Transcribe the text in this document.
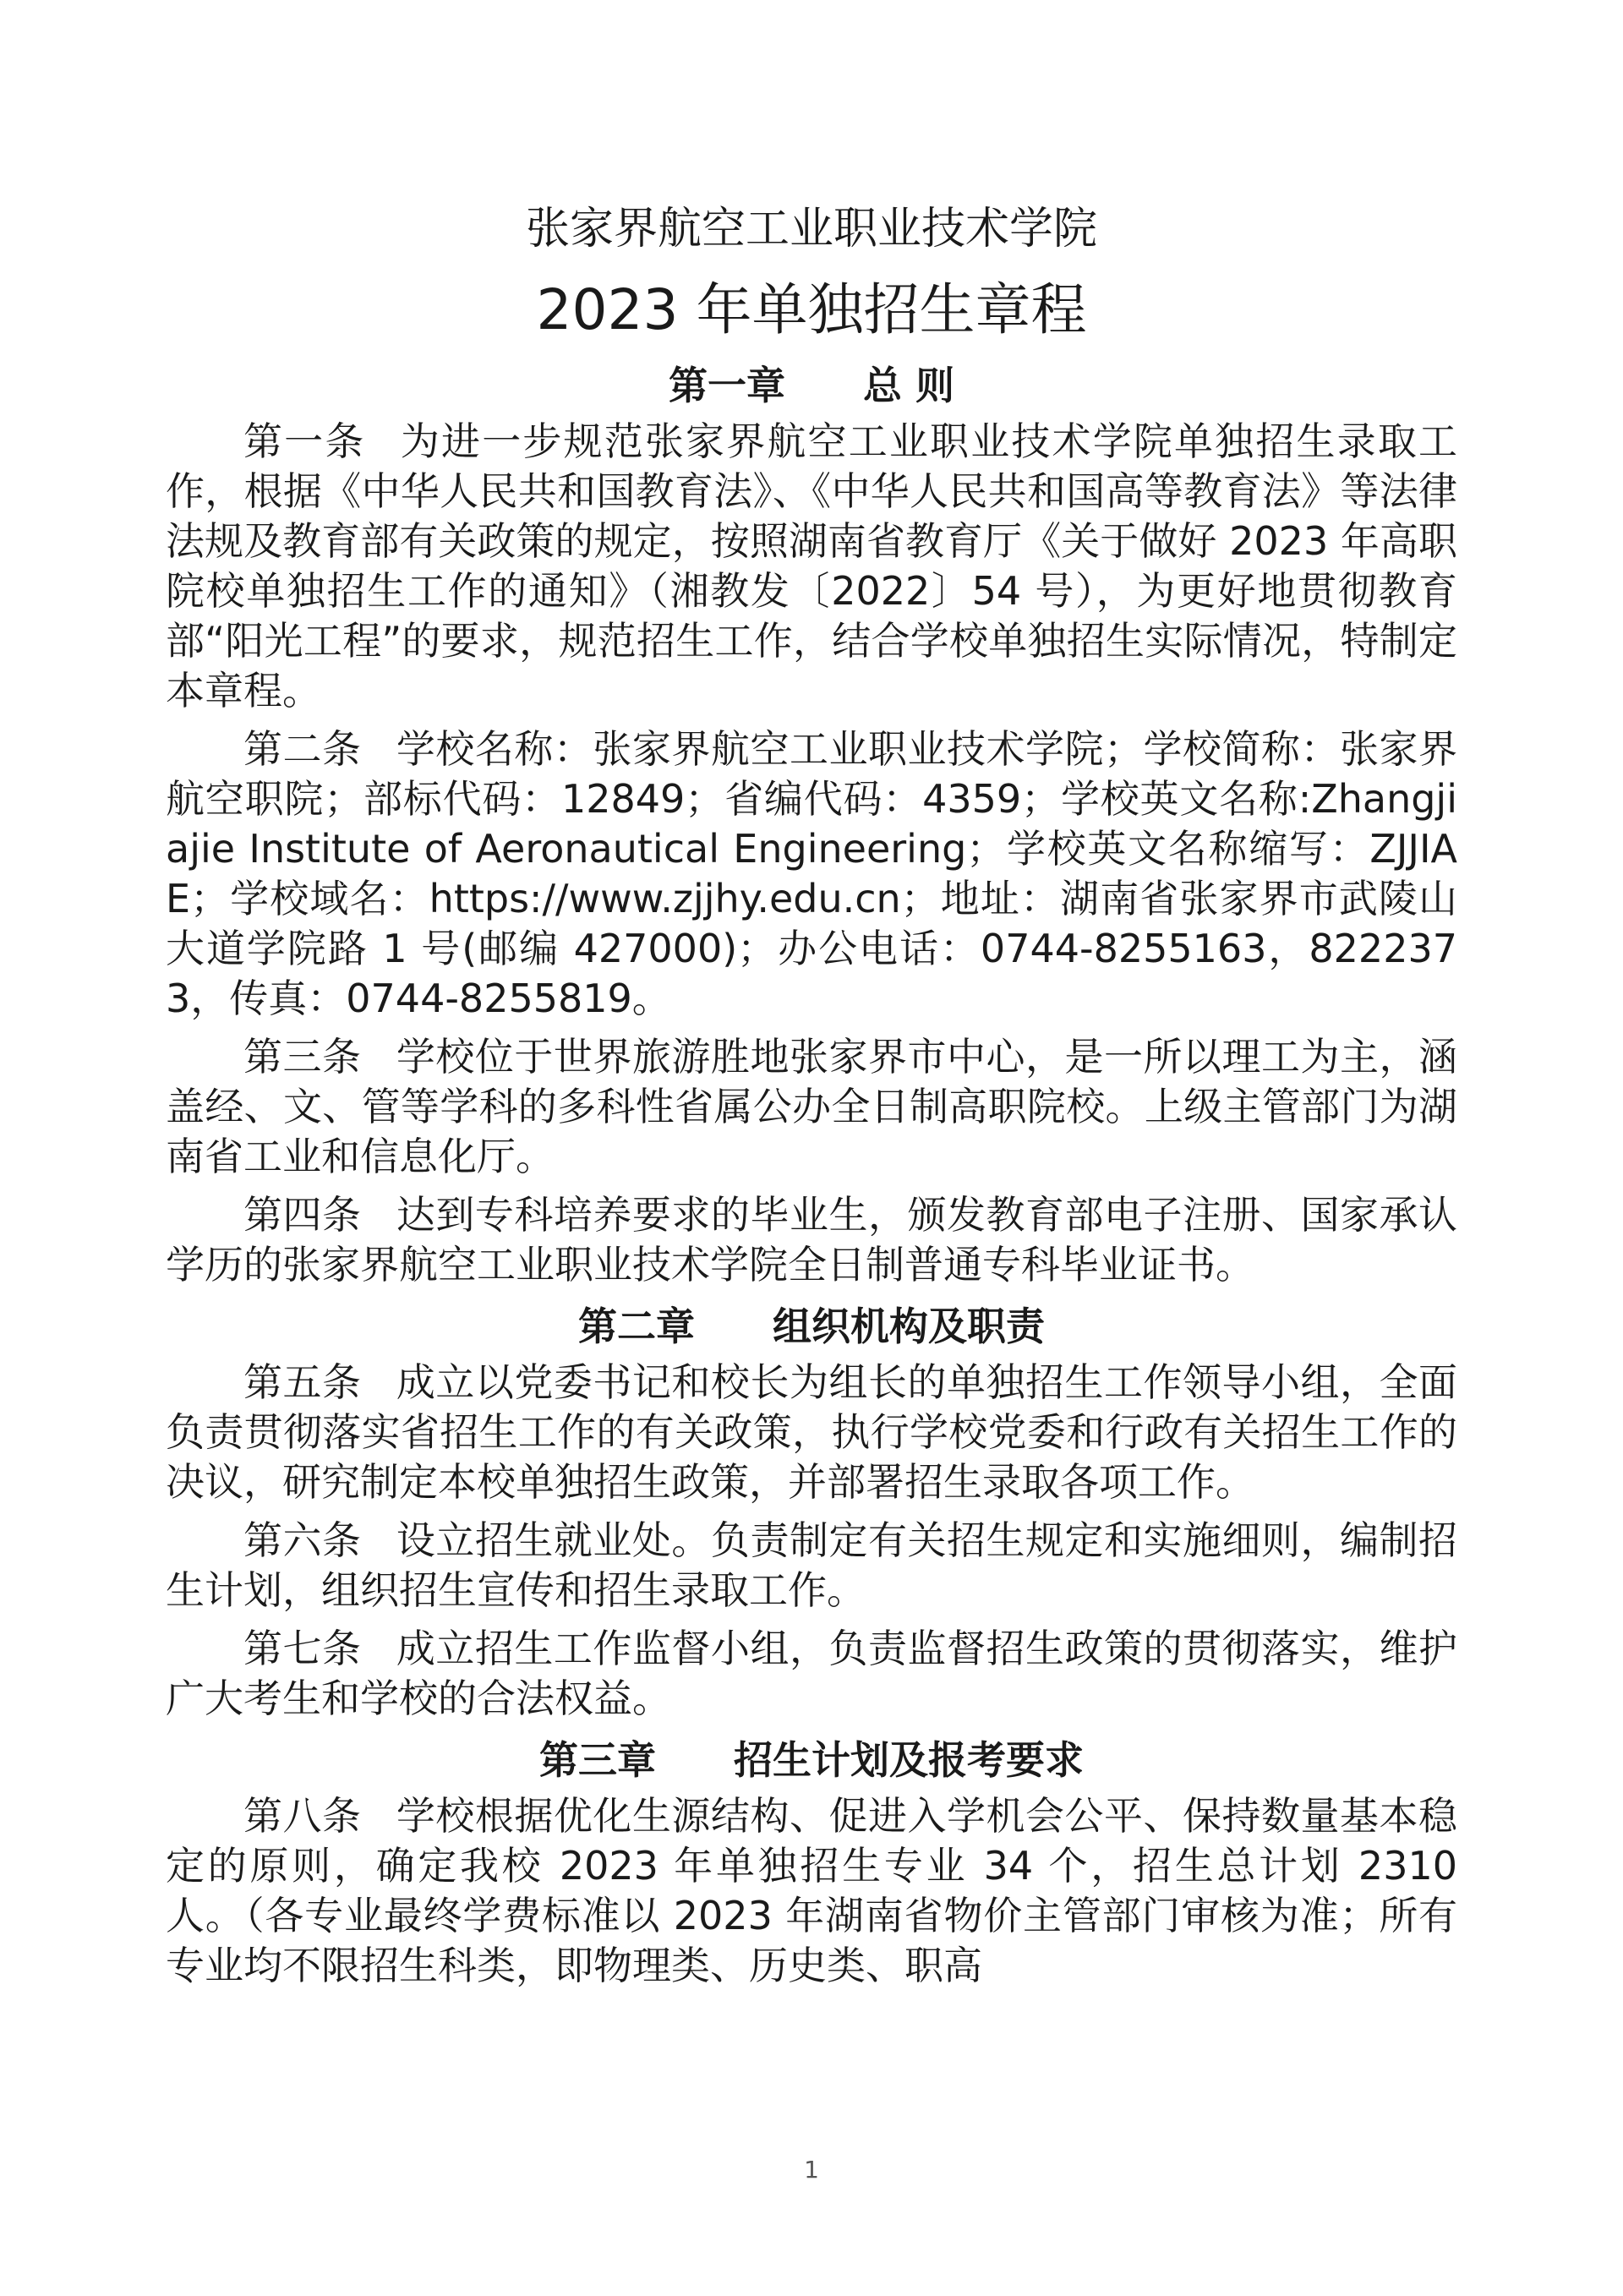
张家界航空工业职业技术学院
2023 年单独招生章程
第一章　　总 则

第一条 为进一步规范张家界航空工业职业技术学院单独招生录取工作，根据《中华人民共和国教育法》、《中华人民共和国高等教育法》等法律法规及教育部有关政策的规定，按照湖南省教育厅《关于做好 2023 年高职院校单独招生工作的通知》（湘教发〔2022〕54 号），为更好地贯彻教育部“阳光工程”的要求，规范招生工作，结合学校单独招生实际情况，特制定本章程。

第二条 学校名称：张家界航空工业职业技术学院；学校简称：张家界航空职院；部标代码：12849；省编代码：4359；学校英文名称:Zhangjiajie Institute of Aeronautical Engineering；学校英文名称缩写：ZJJIAE；学校域名：https://www.zjjhy.edu.cn；地址：湖南省张家界市武陵山大道学院路 1 号(邮编 427000)；办公电话：0744-8255163，8222373，传真：0744-8255819。

第三条 学校位于世界旅游胜地张家界市中心，是一所以理工为主，涵盖经、文、管等学科的多科性省属公办全日制高职院校。上级主管部门为湖南省工业和信息化厅。

第四条 达到专科培养要求的毕业生，颁发教育部电子注册、国家承认学历的张家界航空工业职业技术学院全日制普通专科毕业证书。

第二章　　组织机构及职责

第五条 成立以党委书记和校长为组长的单独招生工作领导小组，全面负责贯彻落实省招生工作的有关政策，执行学校党委和行政有关招生工作的决议，研究制定本校单独招生政策，并部署招生录取各项工作。

第六条 设立招生就业处。负责制定有关招生规定和实施细则，编制招生计划，组织招生宣传和招生录取工作。

第七条 成立招生工作监督小组，负责监督招生政策的贯彻落实，维护广大考生和学校的合法权益。

第三章　　招生计划及报考要求

第八条 学校根据优化生源结构、促进入学机会公平、保持数量基本稳定的原则，确定我校 2023 年单独招生专业 34 个，招生总计划 2310 人。（各专业最终学费标准以 2023 年湖南省物价主管部门审核为准；所有专业均不限招生科类，即物理类、历史类、职高

1
